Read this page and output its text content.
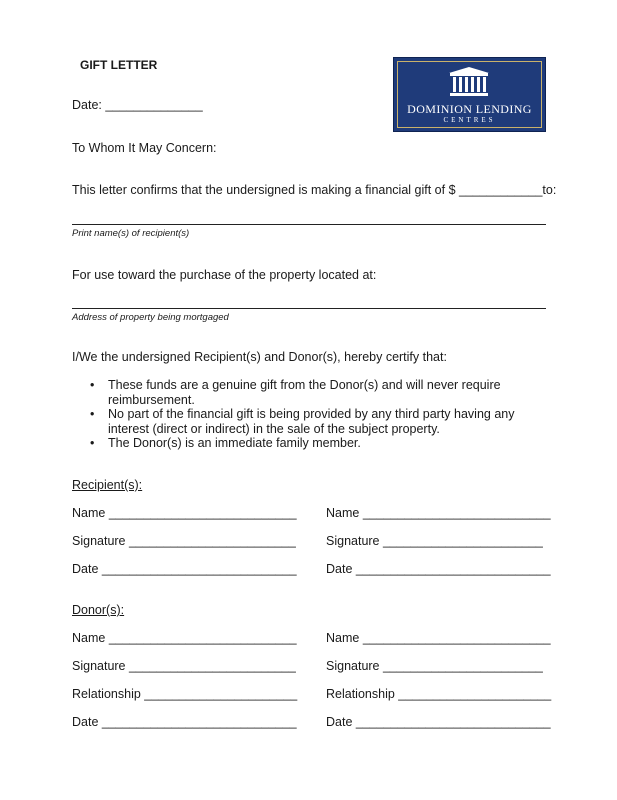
GIFT LETTER
DOMINION LENDING
CENTRES
Date: ______________
To Whom It May Concern:
This letter confirms that the undersigned is making a financial gift of $ ____________to:
Print name(s) of recipient(s)
For use toward the purchase of the property located at:
Address of property being mortgaged
I/We the undersigned Recipient(s) and Donor(s), hereby certify that:
• These funds are a genuine gift from the Donor(s) and will never require
reimbursement.
• No part of the financial gift is being provided by any third party having any
interest (direct or indirect) in the sale of the subject property.
• The Donor(s) is an immediate family member.
Recipient(s):
Name ___________________________ Name ___________________________
Signature ________________________ Signature _______________________
Date ____________________________ Date ____________________________
Donor(s):
Name ___________________________ Name ___________________________
Signature ________________________ Signature _______________________
Relationship ______________________ Relationship ______________________
Date ____________________________ Date ____________________________
